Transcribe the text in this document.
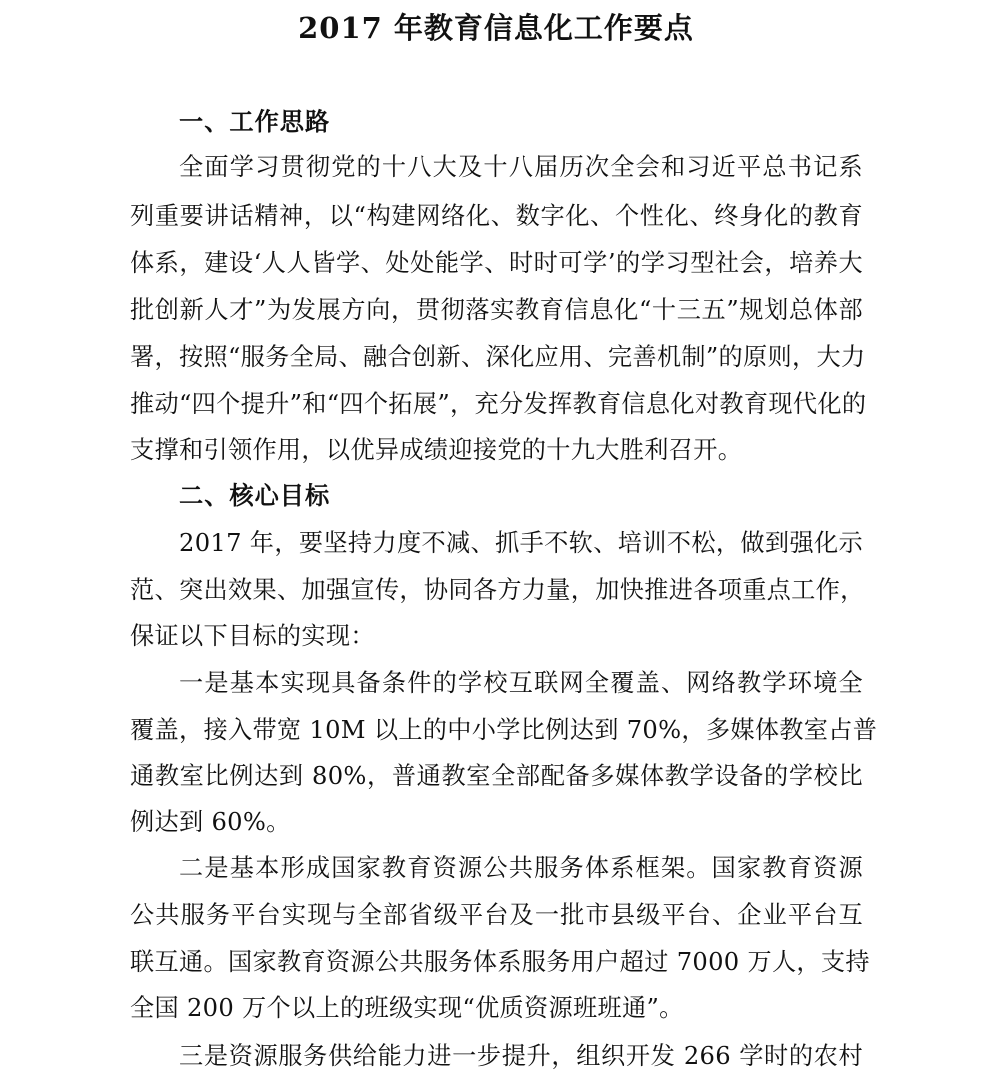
2017 年教育信息化工作要点
一、工作思路
全面学习贯彻党的十八大及十八届历次全会和习近平总书记系
列重要讲话精神，以“构建网络化、数字化、个性化、终身化的教育
体系，建设‘人人皆学、处处能学、时时可学’的学习型社会，培养大
批创新人才”为发展方向，贯彻落实教育信息化“十三五”规划总体部
署，按照“服务全局、融合创新、深化应用、完善机制”的原则，大力
推动“四个提升”和“四个拓展”，充分发挥教育信息化对教育现代化的
支撑和引领作用，以优异成绩迎接党的十九大胜利召开。
二、核心目标
2017 年，要坚持力度不减、抓手不软、培训不松，做到强化示
范、突出效果、加强宣传，协同各方力量，加快推进各项重点工作，
保证以下目标的实现：
一是基本实现具备条件的学校互联网全覆盖、网络教学环境全
覆盖，接入带宽 10M 以上的中小学比例达到 70%，多媒体教室占普
通教室比例达到 80%，普通教室全部配备多媒体教学设备的学校比
例达到 60%。
二是基本形成国家教育资源公共服务体系框架。国家教育资源
公共服务平台实现与全部省级平台及一批市县级平台、企业平台互
联互通。国家教育资源公共服务体系服务用户超过 7000 万人，支持
全国 200 万个以上的班级实现“优质资源班班通”。
三是资源服务供给能力进一步提升，组织开发 266 学时的农村
